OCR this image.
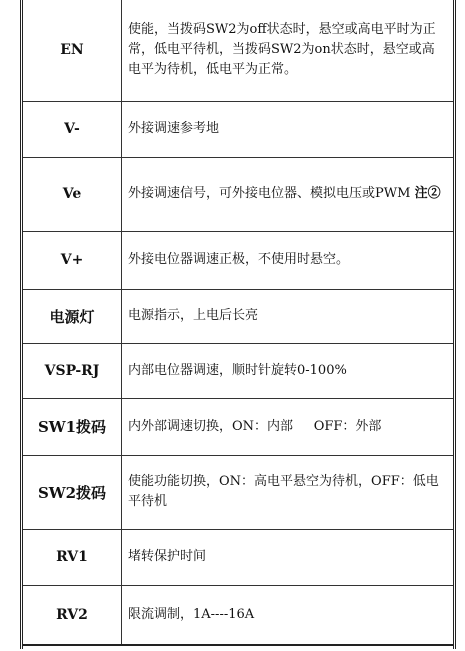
EN	使能，当拨码SW2为off状态时，悬空或高电平时为正常，低电平待机，当拨码SW2为on状态时，悬空或高电平为待机，低电平为正常。
V-	外接调速参考地
Ve	外接调速信号，可外接电位器、模拟电压或PWM 注②
V+	外接电位器调速正极，不使用时悬空。
电源灯	电源指示，上电后长亮
VSP-RJ	内部电位器调速，顺时针旋转0-100%
SW1拨码	内外部调速切换，ON：内部     OFF：外部
SW2拨码	使能功能切换，ON：高电平悬空为待机，OFF：低电平待机
RV1	堵转保护时间
RV2	限流调制，1A----16A
